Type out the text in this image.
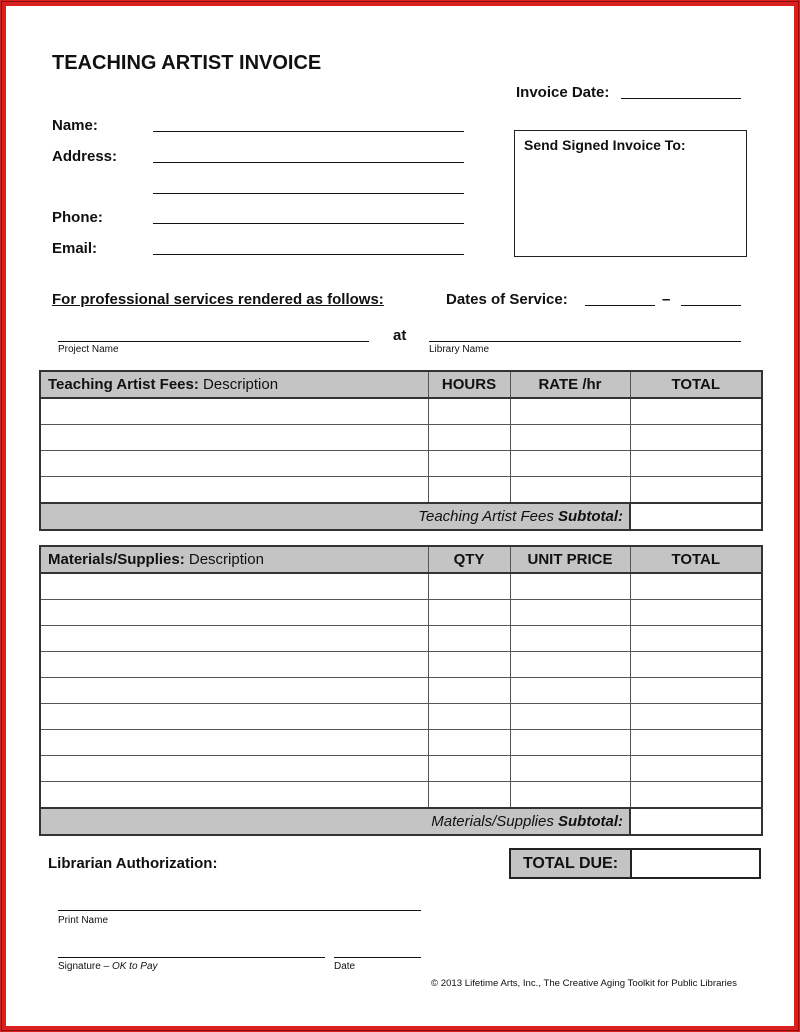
TEACHING ARTIST INVOICE
Invoice Date:
Name:
Address:
Phone:
Email:
Send Signed Invoice To:
For professional services rendered as follows:	Dates of Service:	–
at
Project Name	Library Name
Teaching Artist Fees: Description	HOURS	RATE /hr	TOTAL

Teaching Artist Fees Subtotal:			
Materials/Supplies: Description	QTY	UNIT PRICE	TOTAL

Materials/Supplies Subtotal:			
Librarian Authorization:	TOTAL DUE:
Print Name
Signature – OK to Pay	Date
© 2013 Lifetime Arts, Inc., The Creative Aging Toolkit for Public Libraries
